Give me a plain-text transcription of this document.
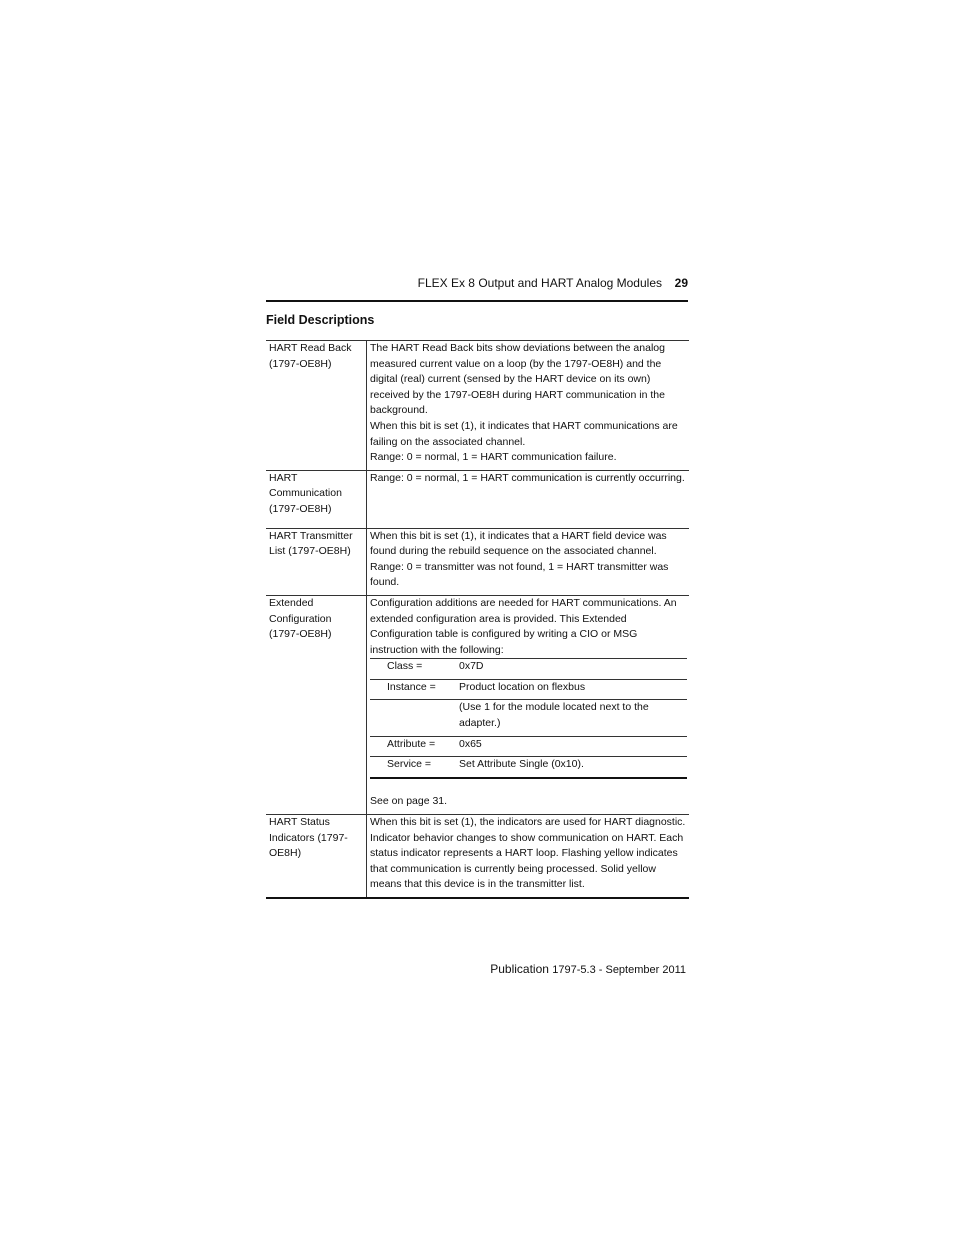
FLEX Ex 8 Output and HART Analog Modules 29
Field Descriptions
HART Read Back (1797-OE8H)	
The HART Read Back bits show deviations between the analog measured current value on a loop (by the 1797-OE8H) and the digital (real) current (sensed by the HART device on its own) received by the 1797-OE8H during HART communication in the background.
When this bit is set (1), it indicates that HART communications are failing on the associated channel.
Range: 0 = normal, 1 = HART communication failure.

HART Communication (1797-OE8H)	
Range: 0 = normal, 1 = HART communication is currently occurring.

HART Transmitter List (1797-OE8H)	
When this bit is set (1), it indicates that a HART field device was found during the rebuild sequence on the associated channel.
Range: 0 = transmitter was not found, 1 = HART transmitter was found.

Extended Configuration (1797-OE8H)	
Configuration additions are needed for HART communications. An extended configuration area is provided. This Extended Configuration table is configured by writing a CIO or MSG instruction with the following:
Class =	0x7D
Instance =	Product location on flexbus
	(Use 1 for the module located next to the adapter.)
Attribute =	0x65
Service =	Set Attribute Single (0x10).
See on page 31.

HART Status Indicators (1797-OE8H)	
When this bit is set (1), the indicators are used for HART diagnostic. Indicator behavior changes to show communication on HART. Each status indicator represents a HART loop. Flashing yellow indicates that communication is currently being processed. Solid yellow means that this device is in the transmitter list.
Publication 1797-5.3 - September 2011
